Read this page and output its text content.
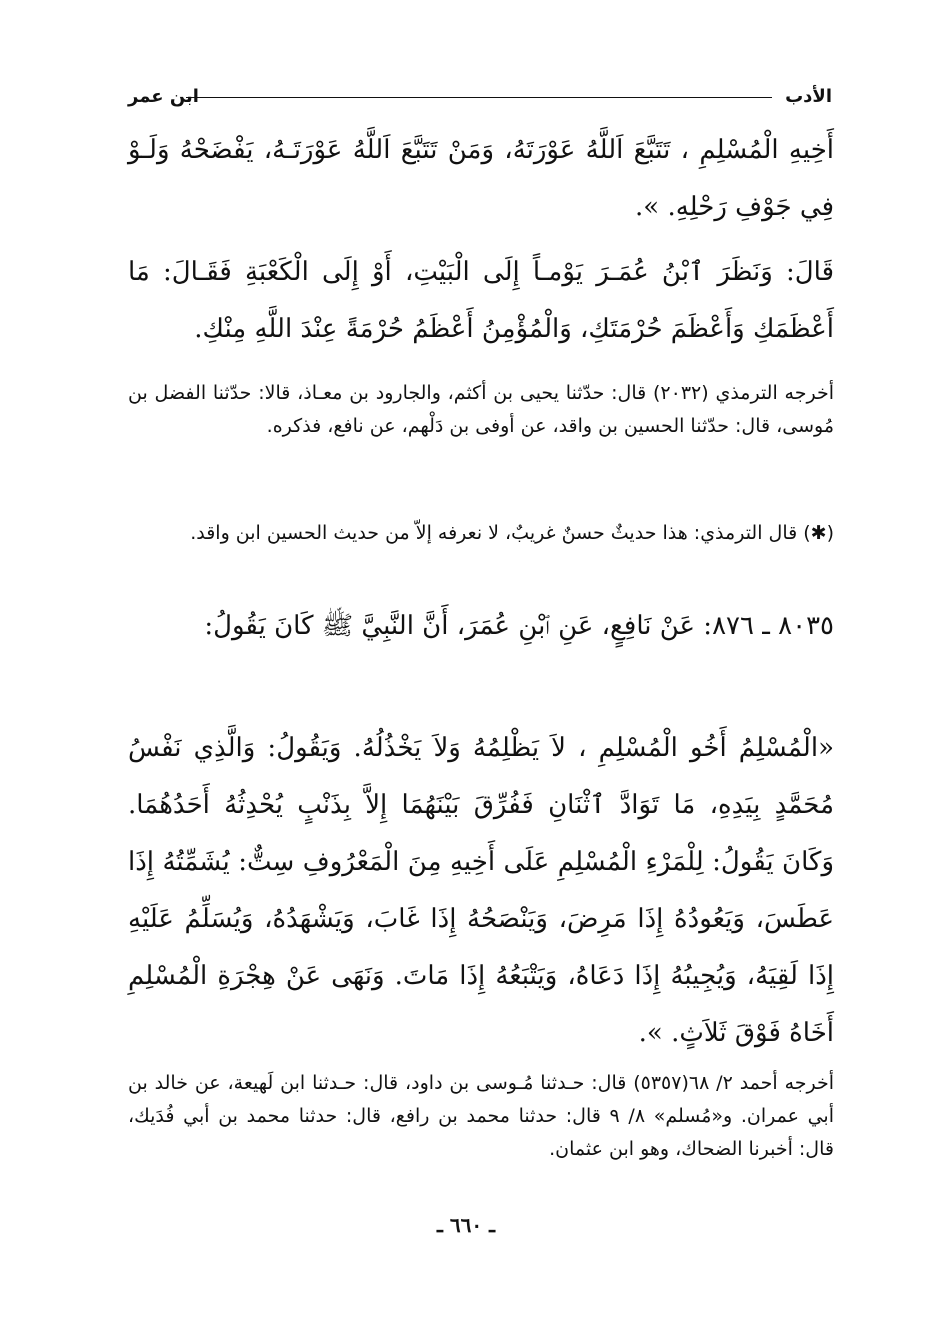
الأدب
ابن عمر
أَخِيهِ الْمُسْلِمِ ، تَتَبَّعَ اَللَّهُ عَوْرَتَهُ، وَمَنْ تَتَبَّعَ اَللَّهُ عَوْرَتَـهُ، يَفْضَحْهُ وَلَـوْ فِي جَوْفِ رَحْلِهِ. ».
قَالَ: وَنَظَرَ ٱبْنُ عُمَـرَ يَوْمـاً إِلَى الْبَيْتِ، أَوْ إِلَى الْكَعْبَةِ فَقَـالَ: مَا أَعْظَمَكِ وَأَعْظَمَ حُرْمَتَكِ، وَالْمُؤْمِنُ أَعْظَمُ حُرْمَةً عِنْدَ اللَّهِ مِنْكِ.
أخرجه الترمذي (٢٠٣٢) قال: حدّثنا يحيى بن أكثم، والجارود بن معـاذ، قالا: حدّثنا الفضل بن مُوسى، قال: حدّثنا الحسين بن واقد، عن أوفى بن دَلْهم، عن نافع، فذكره.
(✱) قال الترمذي: هذا حديثٌ حسنٌ غريبٌ، لا نعرفه إلاّ من حديث الحسين ابن واقد.
٨٠٣٥ ـ ٨٧٦: عَنْ نَافِعٍ، عَنِ ٱبْنِ عُمَرَ، أَنَّ النَّبِيَّ ﷺ كَانَ يَقُولُ:
«الْمُسْلِمُ أَخُو الْمُسْلِمِ ، لاَ يَظْلِمُهُ وَلاَ يَخْذُلُهُ. وَيَقُولُ: وَالَّذِي نَفْسُ مُحَمَّدٍ بِيَدِهِ، مَا تَوَادَّ ٱثْنَانِ فَفُرِّقَ بَيْنَهُمَا إِلاَّ بِذَنْبٍ يُحْدِثُهُ أَحَدُهُمَا. وَكَانَ يَقُولُ: لِلْمَرْءِ الْمُسْلِمِ عَلَى أَخِيهِ مِنَ الْمَعْرُوفِ سِتٌّ: يُشَمِّتُهُ إِذَا عَطَسَ، وَيَعُودُهُ إِذَا مَرِضَ، وَيَنْصَحُهُ إِذَا غَابَ، وَيَشْهَدُهُ، وَيُسَلِّمُ عَلَيْهِ إِذَا لَقِيَهُ، وَيُجِيبُهُ إِذَا دَعَاهُ، وَيَتْبَعُهُ إِذَا مَاتَ. وَنَهَى عَنْ هِجْرَةِ الْمُسْلِمِ أَخَاهُ فَوْقَ ثَلاَثٍ. ».
أخرجه أحمد ٢/ ٦٨(٥٣٥٧) قال: حـدثنا مُـوسى بن داود، قال: حـدثنا ابن لَهيعة، عن خالد بن أبي عمران. و«مُسلم» ٨/ ٩ قال: حدثنا محمد بن رافع، قال: حدثنا محمد بن أبي فُدَيك، قال: أخبرنا الضحاك، وهو ابن عثمان.
ـ ٦٦٠ ـ
